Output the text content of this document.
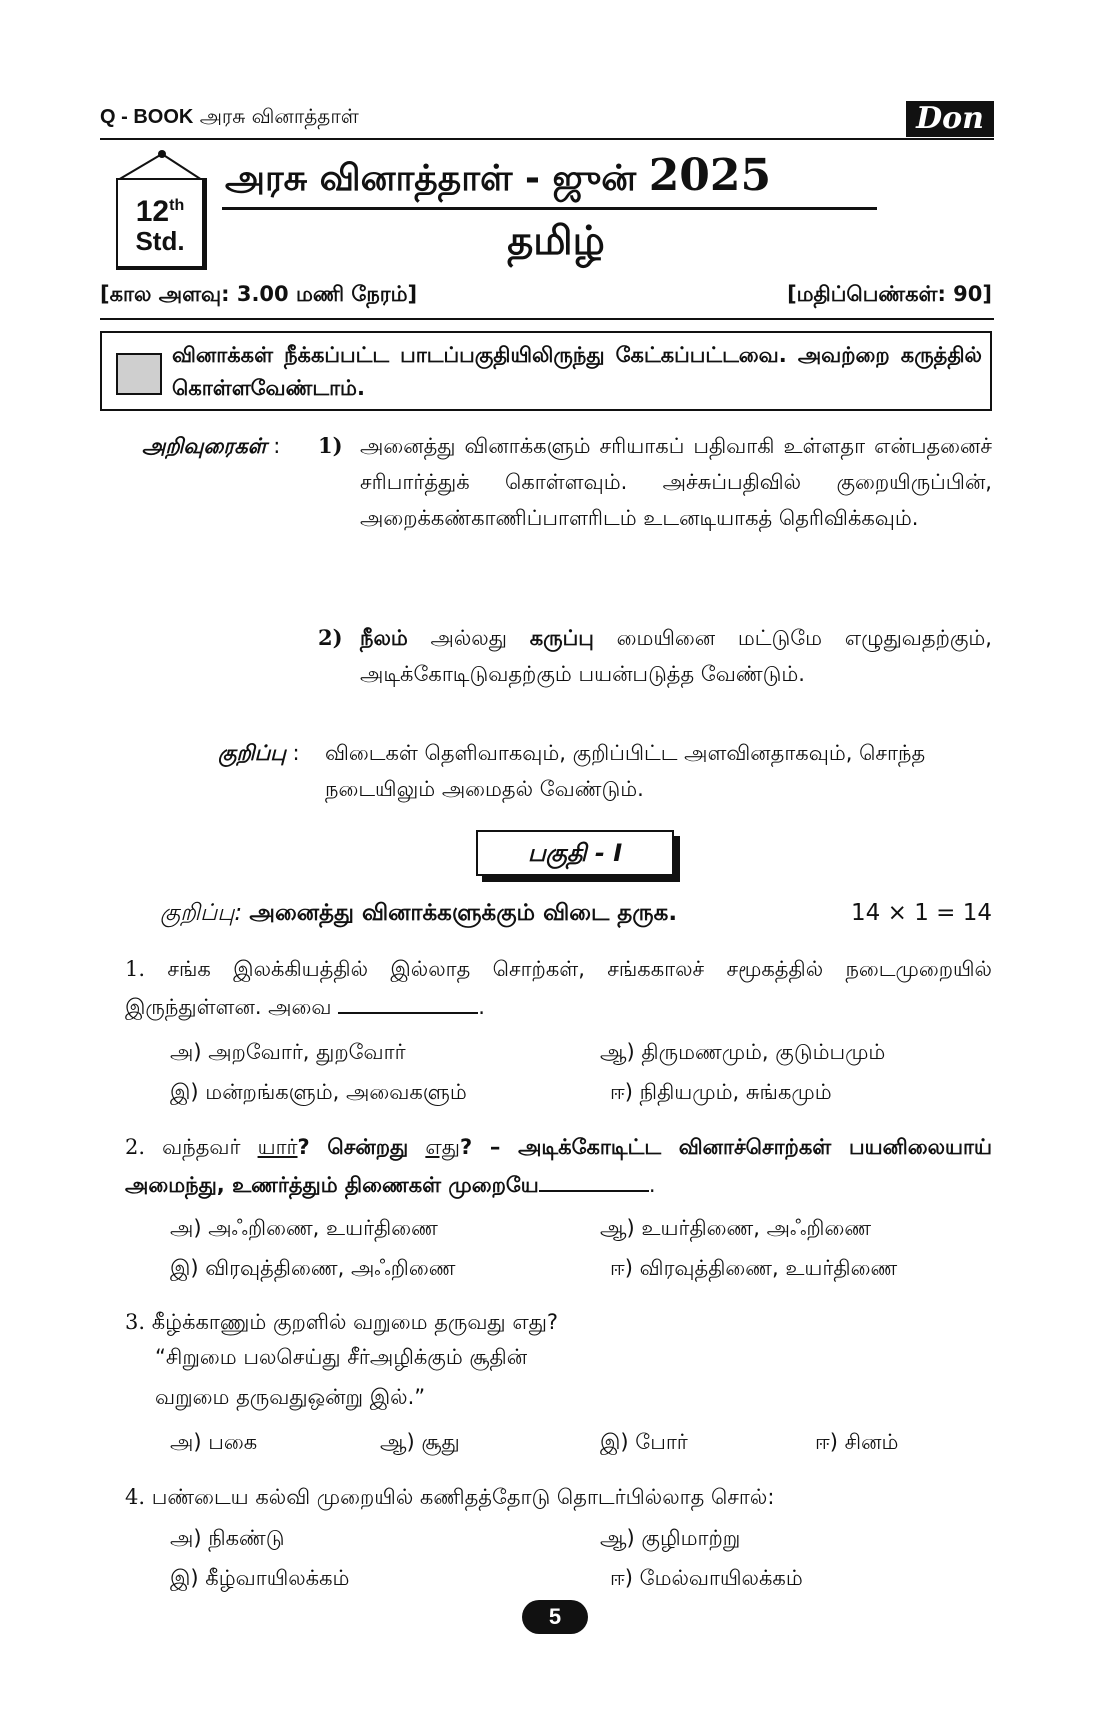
Q - BOOK அரசு வினாத்தாள்	Don
12th
Std.
அரசு வினாத்தாள் - ஜுன் 2025
தமிழ்
[கால அளவு: 3.00 மணி நேரம்]	[மதிப்பெண்கள்: 90]
வினாக்கள் நீக்கப்பட்ட பாடப்பகுதியிலிருந்து கேட்கப்பட்டவை. அவற்றை கருத்தில் கொள்ளவேண்டாம்.
அறிவுரைகள் : 1) அனைத்து வினாக்களும் சரியாகப் பதிவாகி உள்ளதா என்பதனைச் சரிபார்த்துக் கொள்ளவும். அச்சுப்பதிவில் குறையிருப்பின், அறைக்கண்காணிப்பாளரிடம் உடனடியாகத் தெரிவிக்கவும்.
2) நீலம் அல்லது கருப்பு மையினை மட்டுமே எழுதுவதற்கும், அடிக்கோடிடுவதற்கும் பயன்படுத்த வேண்டும்.
குறிப்பு : விடைகள் தெளிவாகவும், குறிப்பிட்ட அளவினதாகவும், சொந்த நடையிலும் அமைதல் வேண்டும்.
பகுதி - I
குறிப்பு: அனைத்து வினாக்களுக்கும் விடை தருக.	14 × 1 = 14
1. சங்க இலக்கியத்தில் இல்லாத சொற்கள், சங்ககாலச் சமூகத்தில் நடைமுறையில் இருந்துள்ளன. அவை	.
அ) அறவோர், துறவோர்	ஆ) திருமணமும், குடும்பமும்
இ) மன்றங்களும், அவைகளும்	ஈ) நிதியமும், சுங்கமும்
2. வந்தவர் யார்? சென்றது எது? – அடிக்கோடிட்ட வினாச்சொற்கள் பயனிலையாய் அமைந்து, உணர்த்தும் திணைகள் முறையே	.
அ) அஃறிணை, உயர்திணை	ஆ) உயர்திணை, அஃறிணை
இ) விரவுத்திணை, அஃறிணை	ஈ) விரவுத்திணை, உயர்திணை
3. கீழ்க்காணும் குறளில் வறுமை தருவது எது?
“சிறுமை பலசெய்து சீர்அழிக்கும் சூதின்
வறுமை தருவதுஒன்று இல்.”
அ) பகை	ஆ) சூது	இ) போர்	ஈ) சினம்
4. பண்டைய கல்வி முறையில் கணிதத்தோடு தொடர்பில்லாத சொல்:
அ) நிகண்டு	ஆ) குழிமாற்று
இ) கீழ்வாயிலக்கம்	ஈ) மேல்வாயிலக்கம்
5
